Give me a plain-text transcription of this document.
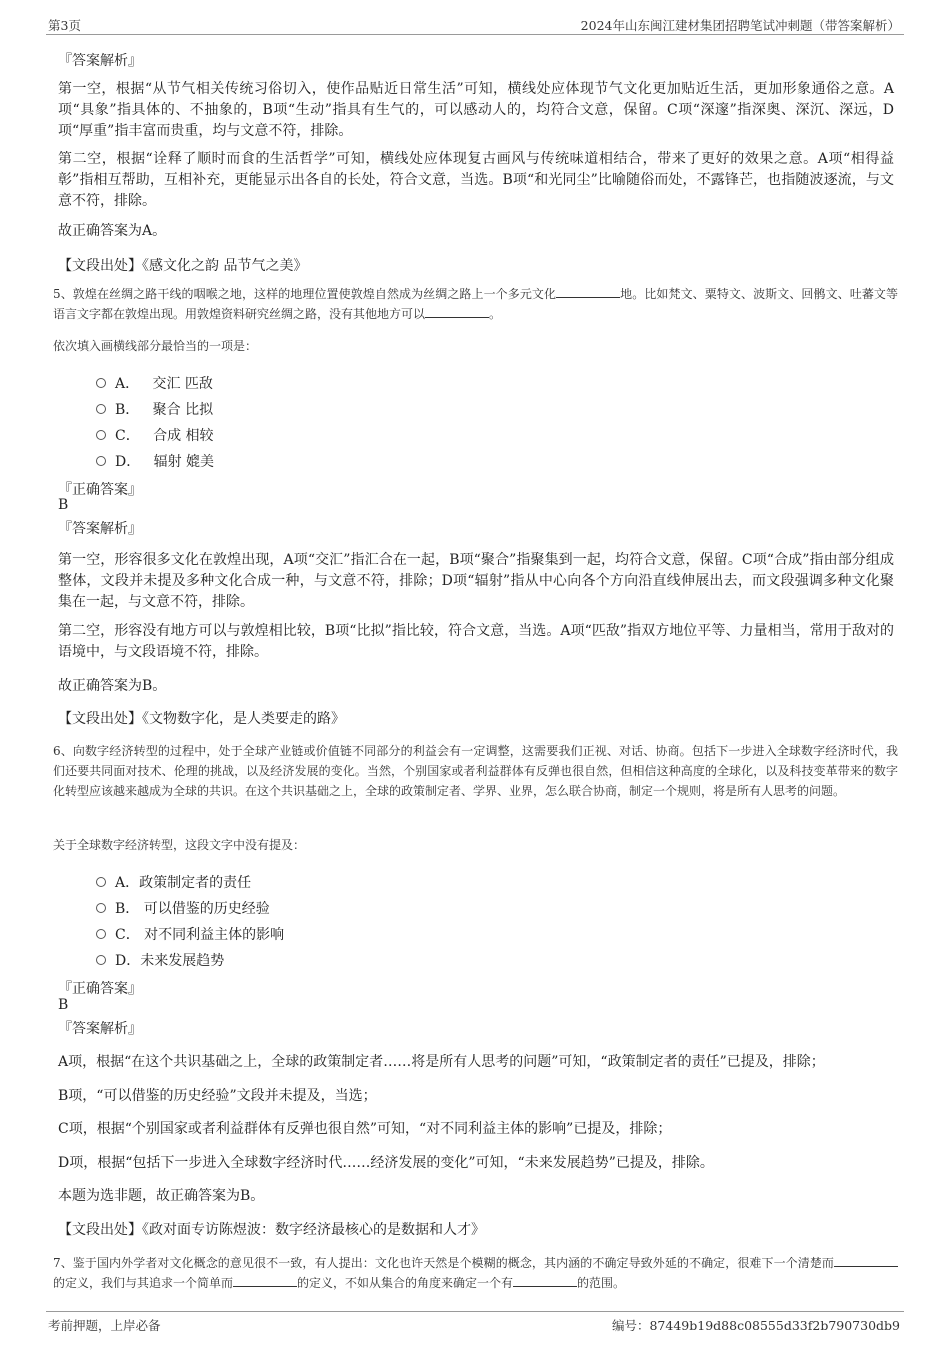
第3页	2024年山东闽江建材集团招聘笔试冲刺题（带答案解析）
『答案解析』
第一空，根据“从节气相关传统习俗切入，使作品贴近日常生活”可知，横线处应体现节气文化更加贴近生活，更加形象通俗之意。A项“具象”指具体的、不抽象的，B项“生动”指具有生气的，可以感动人的，均符合文意，保留。C项“深邃”指深奥、深沉、深远，D项“厚重”指丰富而贵重，均与文意不符，排除。
第二空，根据“诠释了顺时而食的生活哲学”可知，横线处应体现复古画风与传统味道相结合，带来了更好的效果之意。A项“相得益彰”指相互帮助，互相补充，更能显示出各自的长处，符合文意，当选。B项“和光同尘”比喻随俗而处，不露锋芒，也指随波逐流，与文意不符，排除。
故正确答案为A。
【文段出处】《感文化之韵 品节气之美》
5、敦煌在丝绸之路干线的咽喉之地，这样的地理位置使敦煌自然成为丝绸之路上一个多元文化	地。比如梵文、粟特文、波斯文、回鹘文、吐蕃文等语言文字都在敦煌出现。用敦煌资料研究丝绸之路，没有其他地方可以	。
依次填入画横线部分最恰当的一项是：
A． 交汇 匹敌
B． 聚合 比拟
C． 合成 相较
D． 辐射 媲美
『正确答案』
B
『答案解析』
第一空，形容很多文化在敦煌出现，A项“交汇”指汇合在一起，B项“聚合”指聚集到一起，均符合文意，保留。C项“合成”指由部分组成整体，文段并未提及多种文化合成一种，与文意不符，排除；D项“辐射”指从中心向各个方向沿直线伸展出去，而文段强调多种文化聚集在一起，与文意不符，排除。
第二空，形容没有地方可以与敦煌相比较，B项“比拟”指比较，符合文意，当选。A项“匹敌”指双方地位平等、力量相当，常用于敌对的语境中，与文段语境不符，排除。
故正确答案为B。
【文段出处】《文物数字化，是人类要走的路》
6、向数字经济转型的过程中，处于全球产业链或价值链不同部分的利益会有一定调整，这需要我们正视、对话、协商。包括下一步进入全球数字经济时代，我们还要共同面对技术、伦理的挑战，以及经济发展的变化。当然，个别国家或者利益群体有反弹也很自然，但相信这种高度的全球化，以及科技变革带来的数字化转型应该越来越成为全球的共识。在这个共识基础之上，全球的政策制定者、学界、业界，怎么联合协商，制定一个规则，将是所有人思考的问题。
关于全球数字经济转型，这段文字中没有提及：
A．政策制定者的责任
B． 可以借鉴的历史经验
C． 对不同利益主体的影响
D．未来发展趋势
『正确答案』
B
『答案解析』
A项，根据“在这个共识基础之上，全球的政策制定者……将是所有人思考的问题”可知，“政策制定者的责任”已提及，排除；
B项，“可以借鉴的历史经验”文段并未提及，当选；
C项，根据“个别国家或者利益群体有反弹也很自然”可知，“对不同利益主体的影响”已提及，排除；
D项，根据“包括下一步进入全球数字经济时代……经济发展的变化”可知，“未来发展趋势”已提及，排除。
本题为选非题，故正确答案为B。
【文段出处】《政对面专访陈煜波：数字经济最核心的是数据和人才》
7、鉴于国内外学者对文化概念的意见很不一致，有人提出：文化也许天然是个模糊的概念，其内涵的不确定导致外延的不确定，很难下一个清楚而的定义，我们与其追求一个简单而	的定义，不如从集合的角度来确定一个有	的范围。
考前押题，上岸必备	编号：87449b19d88c08555d33f2b790730db9
